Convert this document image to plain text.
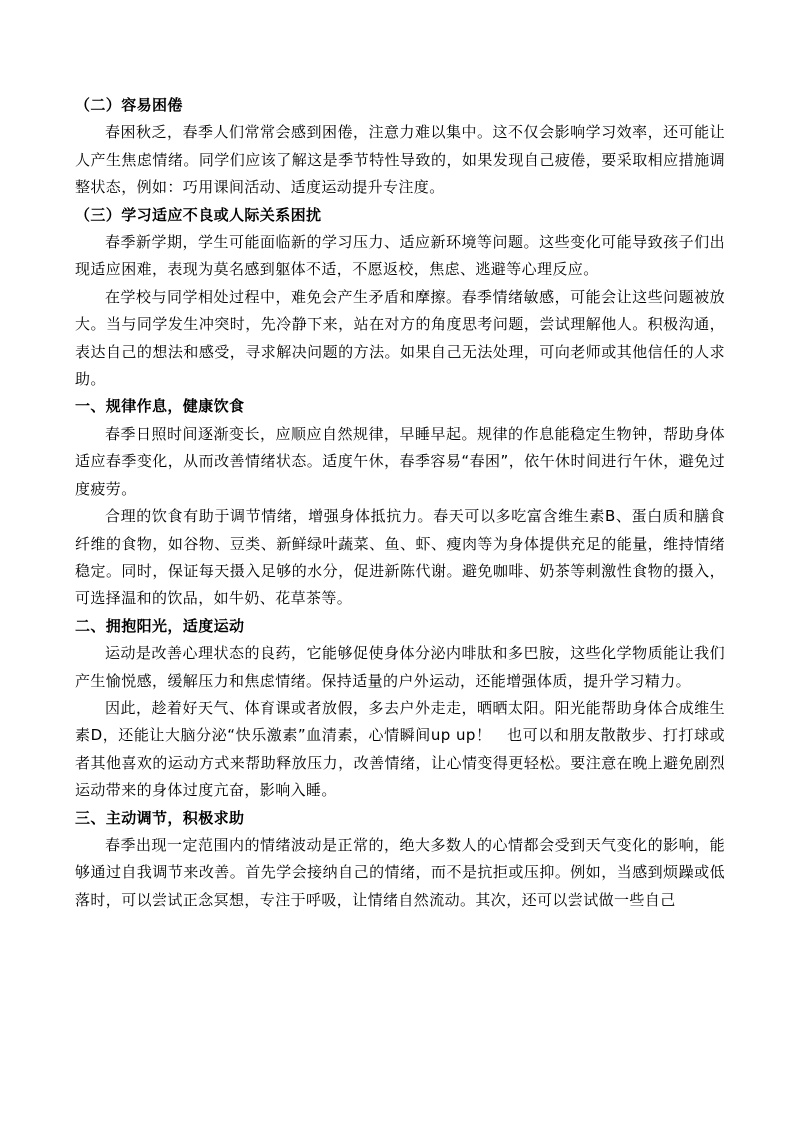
（二）容易困倦

春困秋乏，春季人们常常会感到困倦，注意力难以集中。这不仅会影响学习效率，还可能让人产生焦虑情绪。同学们应该了解这是季节特性导致的，如果发现自己疲倦，要采取相应措施调整状态，例如：巧用课间活动、适度运动提升专注度。

（三）学习适应不良或人际关系困扰

春季新学期，学生可能面临新的学习压力、适应新环境等问题。这些变化可能导致孩子们出现适应困难，表现为莫名感到躯体不适，不愿返校，焦虑、逃避等心理反应。

在学校与同学相处过程中，难免会产生矛盾和摩擦。春季情绪敏感，可能会让这些问题被放大。当与同学发生冲突时，先冷静下来，站在对方的角度思考问题，尝试理解他人。积极沟通，表达自己的想法和感受，寻求解决问题的方法。如果自己无法处理，可向老师或其他信任的人求助。

一、规律作息，健康饮食

春季日照时间逐渐变长，应顺应自然规律，早睡早起。规律的作息能稳定生物钟，帮助身体适应春季变化，从而改善情绪状态。适度午休，春季容易“春困”，依午休时间进行午休，避免过度疲劳。

合理的饮食有助于调节情绪，增强身体抵抗力。春天可以多吃富含维生素B、蛋白质和膳食纤维的食物，如谷物、豆类、新鲜绿叶蔬菜、鱼、虾、瘦肉等为身体提供充足的能量，维持情绪稳定。同时，保证每天摄入足够的水分，促进新陈代谢。避免咖啡、奶茶等刺激性食物的摄入，可选择温和的饮品，如牛奶、花草茶等。

二、拥抱阳光，适度运动

运动是改善心理状态的良药，它能够促使身体分泌内啡肽和多巴胺，这些化学物质能让我们产生愉悦感，缓解压力和焦虑情绪。保持适量的户外运动，还能增强体质，提升学习精力。

因此，趁着好天气、体育课或者放假，多去户外走走，晒晒太阳。阳光能帮助身体合成维生素D，还能让大脑分泌“快乐激素”血清素，心情瞬间up up！　也可以和朋友散散步、打打球或者其他喜欢的运动方式来帮助释放压力，改善情绪，让心情变得更轻松。要注意在晚上避免剧烈运动带来的身体过度亢奋，影响入睡。

三、主动调节，积极求助

春季出现一定范围内的情绪波动是正常的，绝大多数人的心情都会受到天气变化的影响，能够通过自我调节来改善。首先学会接纳自己的情绪，而不是抗拒或压抑。例如，当感到烦躁或低落时，可以尝试正念冥想，专注于呼吸，让情绪自然流动。其次，还可以尝试做一些自己
